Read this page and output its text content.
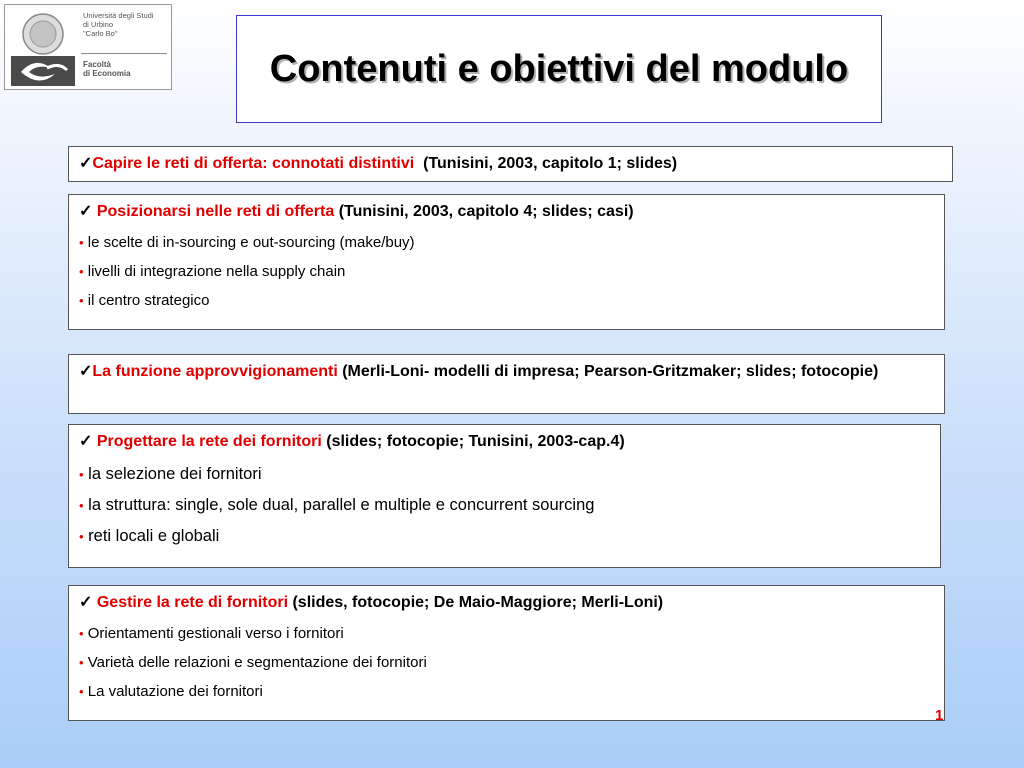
Università degli Studi
di Urbino
"Carlo Bo"
Facoltà
di Economia	Contenuti e obiettivi del modulo
✓Capire le reti di offerta: connotati distintivi  (Tunisini, 2003, capitolo 1; slides)
✓ Posizionarsi nelle reti di offerta (Tunisini, 2003, capitolo 4; slides; casi)
• le scelte di in-sourcing e out-sourcing (make/buy)
• livelli di integrazione nella supply chain
• il centro strategico
✓La funzione approvvigionamenti (Merli-Loni- modelli di impresa; Pearson-Gritzmaker; slides; fotocopie)
✓ Progettare la rete dei fornitori (slides; fotocopie; Tunisini, 2003-cap.4)
• la selezione dei fornitori
• la struttura: single, sole dual, parallel e multiple e concurrent sourcing
• reti locali e globali
✓ Gestire la rete di fornitori (slides, fotocopie; De Maio-Maggiore; Merli-Loni)
• Orientamenti gestionali verso i fornitori
• Varietà delle relazioni e segmentazione dei fornitori
• La valutazione dei fornitori
1
